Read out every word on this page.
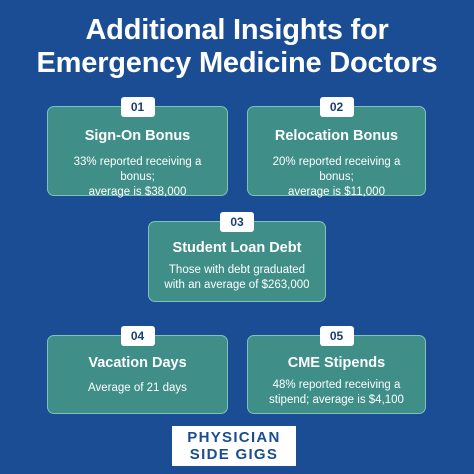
Additional Insights for
Emergency Medicine Doctors
01
Sign-On Bonus
33% reported receiving a bonus;
average is $38,000
02
Relocation Bonus
20% reported receiving a bonus;
average is $11,000
03
Student Loan Debt
Those with debt graduated
with an average of $263,000
04
Vacation Days
Average of 21 days
05
CME Stipends
48% reported receiving a
stipend; average is $4,100
PHYSICIAN
SIDE GIGS
